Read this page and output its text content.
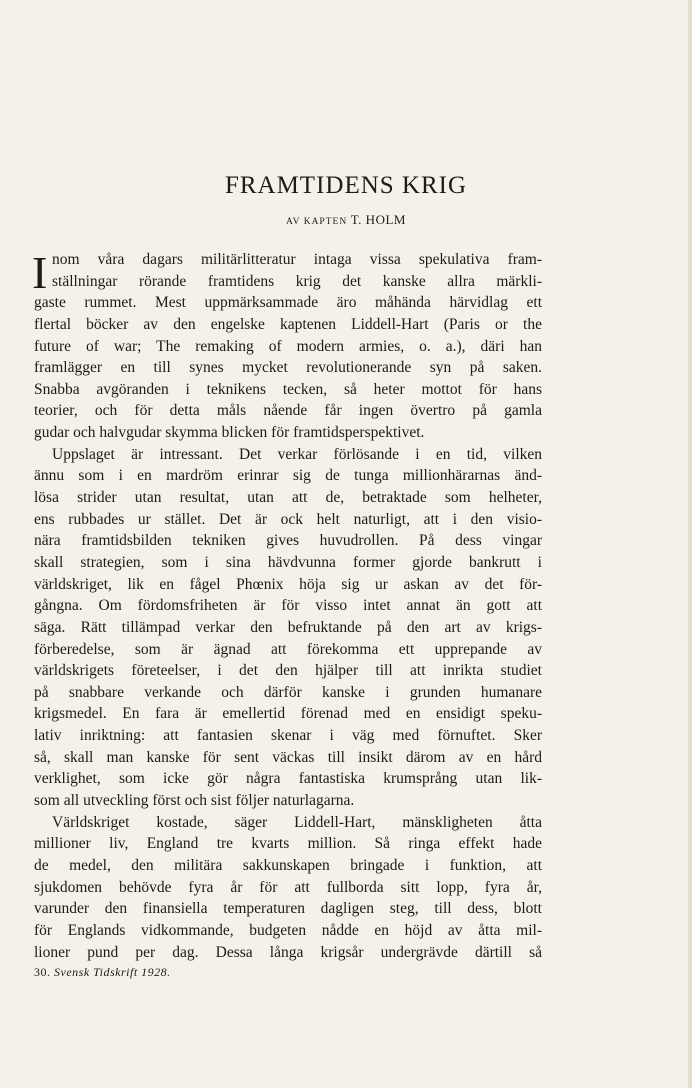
FRAMTIDENS KRIG
AV KAPTEN T. HOLM
I nom våra dagars militärlitteratur intaga vissa spekulativa fram-
ställningar rörande framtidens krig det kanske allra märkli-
gaste rummet. Mest uppmärksammade äro måhända härvidlag ett
flertal böcker av den engelske kaptenen Liddell-Hart (Paris or the
future of war; The remaking of modern armies, o. a.), däri han
framlägger en till synes mycket revolutionerande syn på saken.
Snabba avgöranden i teknikens tecken, så heter mottot för hans
teorier, och för detta måls nående får ingen övertro på gamla
gudar och halvgudar skymma blicken för framtidsperspektivet.
Uppslaget är intressant. Det verkar förlösande i en tid, vilken
ännu som i en mardröm erinrar sig de tunga millionhärarnas änd-
lösa strider utan resultat, utan att de, betraktade som helheter,
ens rubbades ur stället. Det är ock helt naturligt, att i den visio-
nära framtidsbilden tekniken gives huvudrollen. På dess vingar
skall strategien, som i sina hävdvunna former gjorde bankrutt i
världskriget, lik en fågel Phœnix höja sig ur askan av det för-
gångna. Om fördomsfriheten är för visso intet annat än gott att
säga. Rätt tillämpad verkar den befruktande på den art av krigs-
förberedelse, som är ägnad att förekomma ett upprepande av
världskrigets företeelser, i det den hjälper till att inrikta studiet
på snabbare verkande och därför kanske i grunden humanare
krigsmedel. En fara är emellertid förenad med en ensidigt speku-
lativ inriktning: att fantasien skenar i väg med förnuftet. Sker
så, skall man kanske för sent väckas till insikt därom av en hård
verklighet, som icke gör några fantastiska krumsprång utan lik-
som all utveckling först och sist följer naturlagarna.
Världskriget kostade, säger Liddell-Hart, mänskligheten åtta
millioner liv, England tre kvarts million. Så ringa effekt hade
de medel, den militära sakkunskapen bringade i funktion, att
sjukdomen behövde fyra år för att fullborda sitt lopp, fyra år,
varunder den finansiella temperaturen dagligen steg, till dess, blott
för Englands vidkommande, budgeten nådde en höjd av åtta mil-
lioner pund per dag. Dessa långa krigsår undergrävde därtill så
30. Svensk Tidskrift 1928.
